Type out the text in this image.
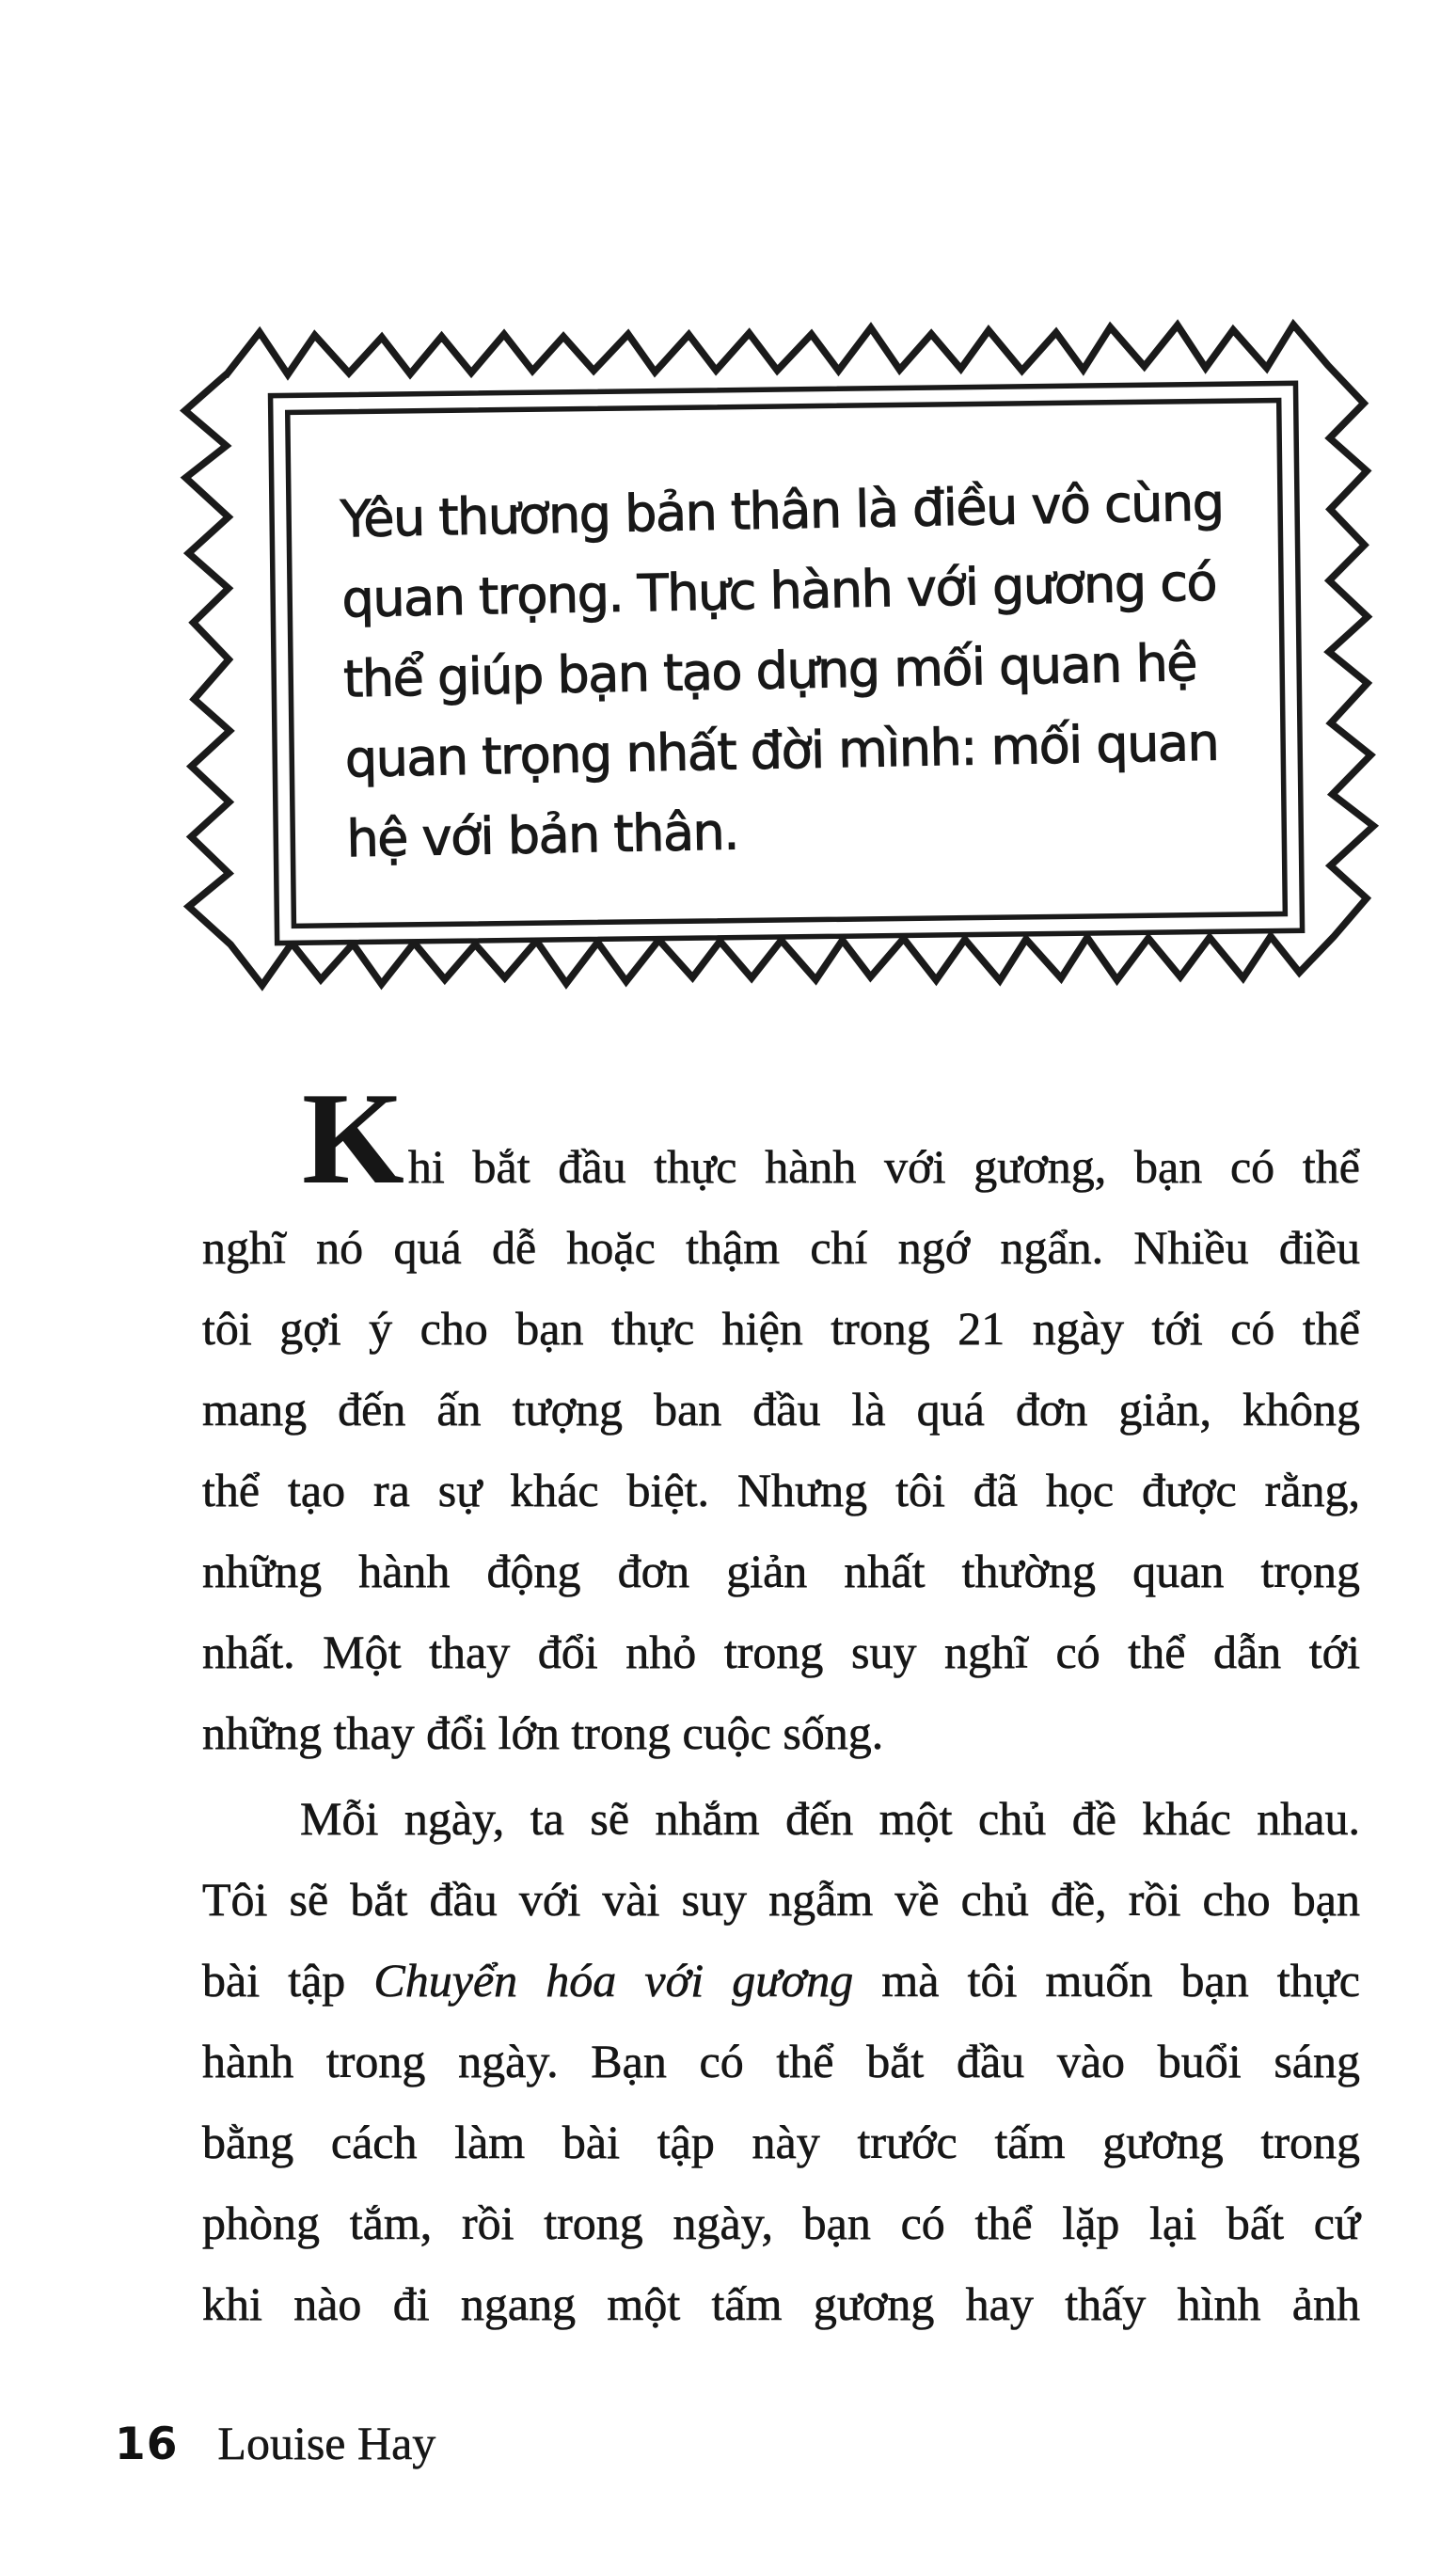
Yêu thương bản thân là điều vô cùng
quan trọng. Thực hành với gương có
thể giúp bạn tạo dựng mối quan hệ
quan trọng nhất đời mình: mối quan
hệ với bản thân.
Khi bắt đầu thực hành với gương, bạn có thể
nghĩ nó quá dễ hoặc thậm chí ngớ ngẩn. Nhiều điều
tôi gợi ý cho bạn thực hiện trong 21 ngày tới có thể
mang đến ấn tượng ban đầu là quá đơn giản, không
thể tạo ra sự khác biệt. Nhưng tôi đã học được rằng,
những hành động đơn giản nhất thường quan trọng
nhất. Một thay đổi nhỏ trong suy nghĩ có thể dẫn tới
những thay đổi lớn trong cuộc sống.
Mỗi ngày, ta sẽ nhắm đến một chủ đề khác nhau.
Tôi sẽ bắt đầu với vài suy ngẫm về chủ đề, rồi cho bạn
bài tập Chuyển hóa với gương mà tôi muốn bạn thực
hành trong ngày. Bạn có thể bắt đầu vào buổi sáng
bằng cách làm bài tập này trước tấm gương trong
phòng tắm, rồi trong ngày, bạn có thể lặp lại bất cứ
khi nào đi ngang một tấm gương hay thấy hình ảnh
16 Louise Hay
